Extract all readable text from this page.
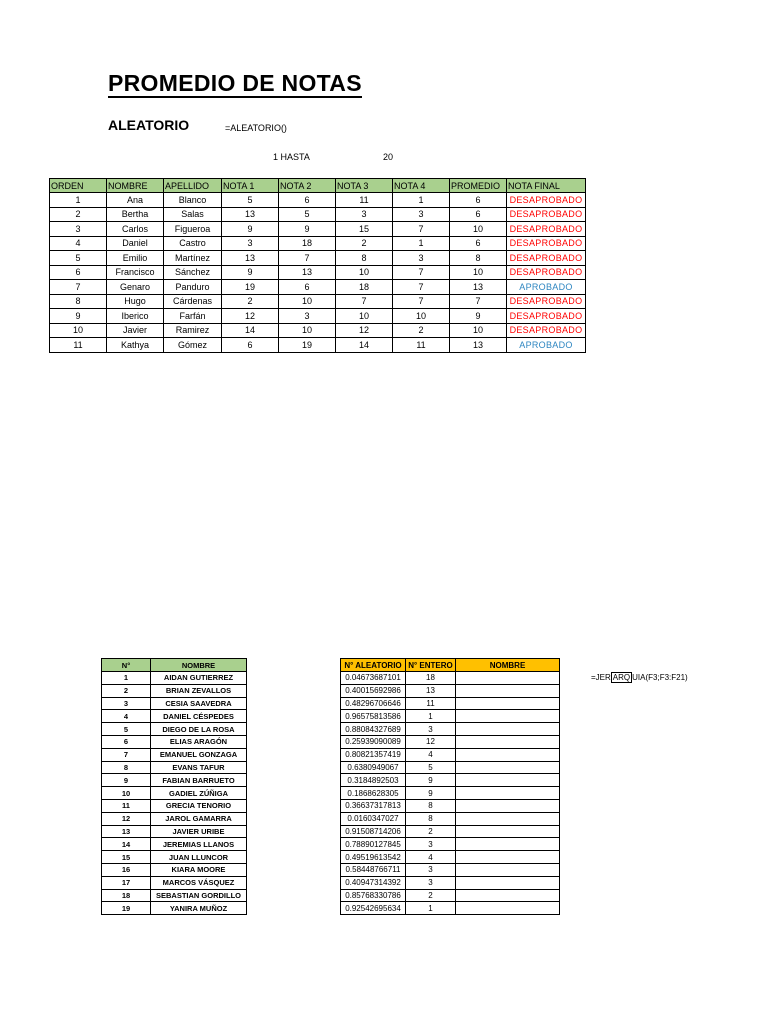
PROMEDIO DE NOTAS
ALEATORIO	=ALEATORIO()
1 HASTA	20
=JER ARQ UIA(F3;F3:F21)
ORDEN	NOMBRE	APELLIDO	NOTA 1	NOTA 2	NOTA 3	NOTA 4	PROMEDIO	NOTA FINAL
1	Ana	Blanco	5	6	11	1	6	DESAPROBADO
2	Bertha	Salas	13	5	3	3	6	DESAPROBADO
3	Carlos	Figueroa	9	9	15	7	10	DESAPROBADO
4	Daniel	Castro	3	18	2	1	6	DESAPROBADO
5	Emilio	Martínez	13	7	8	3	8	DESAPROBADO
6	Francisco	Sánchez	9	13	10	7	10	DESAPROBADO
7	Genaro	Panduro	19	6	18	7	13	APROBADO
8	Hugo	Cárdenas	2	10	7	7	7	DESAPROBADO
9	Iberico	Farfán	12	3	10	10	9	DESAPROBADO
10	Javier	Ramirez	14	10	12	2	10	DESAPROBADO
11	Kathya	Gómez	6	19	14	11	13	APROBADO
N°	NOMBRE
1	AIDAN GUTIERREZ
2	BRIAN ZEVALLOS
3	CESIA SAAVEDRA
4	DANIEL CÉSPEDES
5	DIEGO DE LA ROSA
6	ELIAS ARAGÓN
7	EMANUEL GONZAGA
8	EVANS TAFUR
9	FABIAN BARRUETO
10	GADIEL ZÚÑIGA
11	GRECIA TENORIO
12	JAROL GAMARRA
13	JAVIER URIBE
14	JEREMIAS LLANOS
15	JUAN LLUNCOR
16	KIARA MOORE
17	MARCOS VÁSQUEZ
18	SEBASTIAN GORDILLO
19	YANIRA MUÑOZ
N° ALEATORIO	N° ENTERO	NOMBRE
0.04673687101	18	
0.40015692986	13	
0.48296706646	11	
0.96575813586	1	
0.88084327689	3	
0.25939090089	12	
0.80821357419	4	
0.6380949067	5	
0.3184892503	9	
0.1868628305	9	
0.36637317813	8	
0.0160347027	8	
0.91508714206	2	
0.78890127845	3	
0.49519613542	4	
0.58448766711	3	
0.40947314392	3	
0.85768330786	2	
0.92542695634	1	
